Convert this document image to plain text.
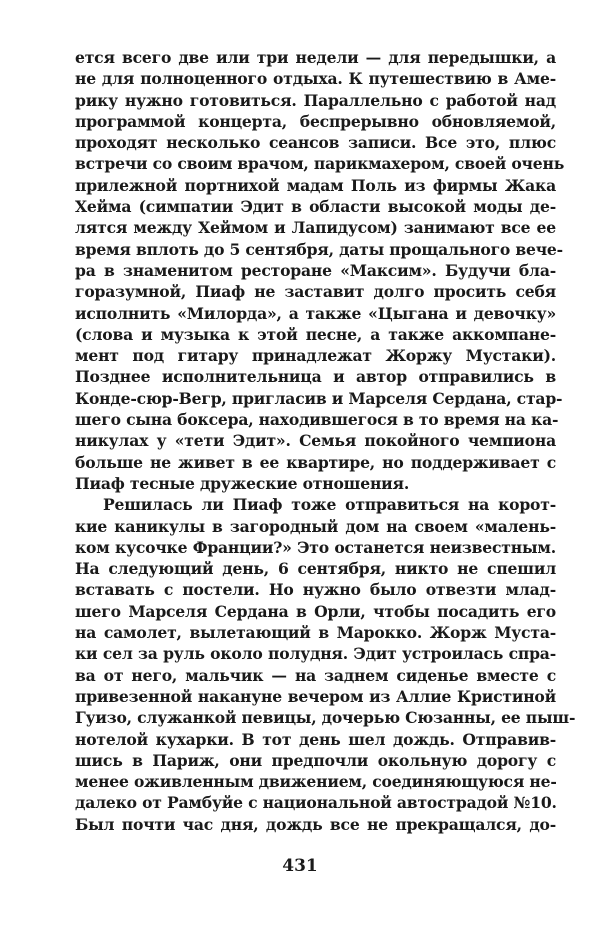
ется всего две или три недели — для передышки, а
не для полноценного отдыха. К путешествию в Аме-
рику нужно готовиться. Параллельно с работой над
программой концерта, беспрерывно обновляемой,
проходят несколько сеансов записи. Все это, плюс
встречи со своим врачом, парикмахером, своей очень
прилежной портнихой мадам Поль из фирмы Жака
Хейма (симпатии Эдит в области высокой моды де-
лятся между Хеймом и Лапидусом) занимают все ее
время вплоть до 5 сентября, даты прощального вече-
ра в знаменитом ресторане «Максим». Будучи бла-
горазумной, Пиаф не заставит долго просить себя
исполнить «Милорда», а также «Цыгана и девочку»
(слова и музыка к этой песне, а также аккомпане-
мент под гитару принадлежат Жоржу Мустаки).
Позднее исполнительница и автор отправились в
Конде-сюр-Вегр, пригласив и Марселя Сердана, стар-
шего сына боксера, находившегося в то время на ка-
никулах у «тети Эдит». Семья покойного чемпиона
больше не живет в ее квартире, но поддерживает с
Пиаф тесные дружеские отношения.
Решилась ли Пиаф тоже отправиться на корот-
кие каникулы в загородный дом на своем «малень-
ком кусочке Франции?» Это останется неизвестным.
На следующий день, 6 сентября, никто не спешил
вставать с постели. Но нужно было отвезти млад-
шего Марселя Сердана в Орли, чтобы посадить его
на самолет, вылетающий в Марокко. Жорж Муста-
ки сел за руль около полудня. Эдит устроилась спра-
ва от него, мальчик — на заднем сиденье вместе с
привезенной накануне вечером из Аллие Кристиной
Гуизо, служанкой певицы, дочерью Сюзанны, ее пыш-
нотелой кухарки. В тот день шел дождь. Отправив-
шись в Париж, они предпочли окольную дорогу с
менее оживленным движением, соединяющуюся не-
далеко от Рамбуйе с национальной автострадой №10.
Был почти час дня, дождь все не прекращался, до-
431
